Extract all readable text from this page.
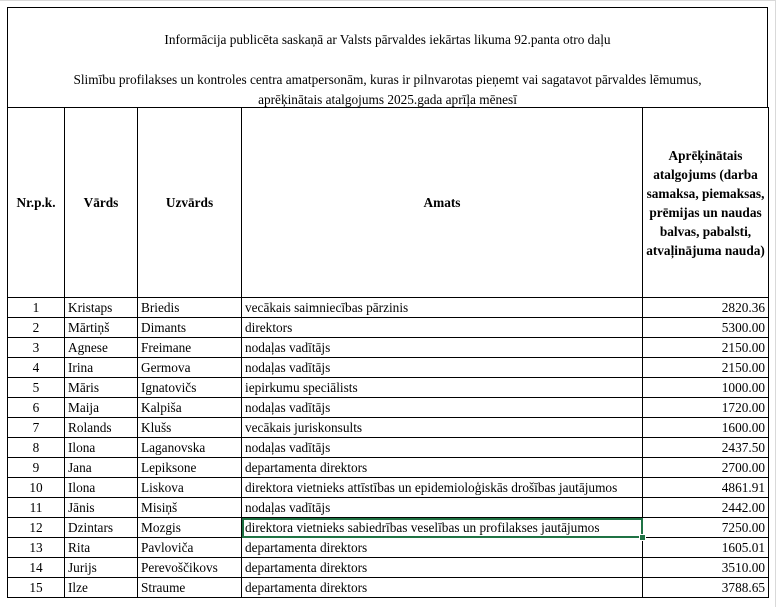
Informācija publicēta saskaņā ar Valsts pārvaldes iekārtas likuma 92.panta otro daļu
Slimību profilakses un kontroles centra amatpersonām, kuras ir pilnvarotas pieņemt vai sagatavot pārvaldes lēmumus,
aprēķinātais atalgojums 2025.gada aprīļa mēnesī
Nr.p.k.	Vārds	Uzvārds	Amats	Aprēķinātais atalgojums (darba samaksa, piemaksas, prēmijas un naudas balvas, pabalsti, atvaļinājuma nauda)
1	Kristaps	Briedis	vecākais saimniecības pārzinis	2820.36
2	Mārtiņš	Dimants	direktors	5300.00
3	Agnese	Freimane	nodaļas vadītājs	2150.00
4	Irina	Germova	nodaļas vadītājs	2150.00
5	Māris	Ignatovičs	iepirkumu speciālists	1000.00
6	Maija	Kalpiša	nodaļas vadītājs	1720.00
7	Rolands	Klušs	vecākais juriskonsults	1600.00
8	Ilona	Laganovska	nodaļas vadītājs	2437.50
9	Jana	Lepiksone	departamenta direktors	2700.00
10	Ilona	Liskova	direktora vietnieks attīstības un epidemioloģiskās drošības jautājumos	4861.91
11	Jānis	Misiņš	nodaļas vadītājs	2442.00
12	Dzintars	Mozgis	direktora vietnieks sabiedrības veselības un profilakses jautājumos	7250.00
13	Rita	Pavloviča	departamenta direktors	1605.01
14	Jurijs	Perevoščikovs	departamenta direktors	3510.00
15	Ilze	Straume	departamenta direktors	3788.65
